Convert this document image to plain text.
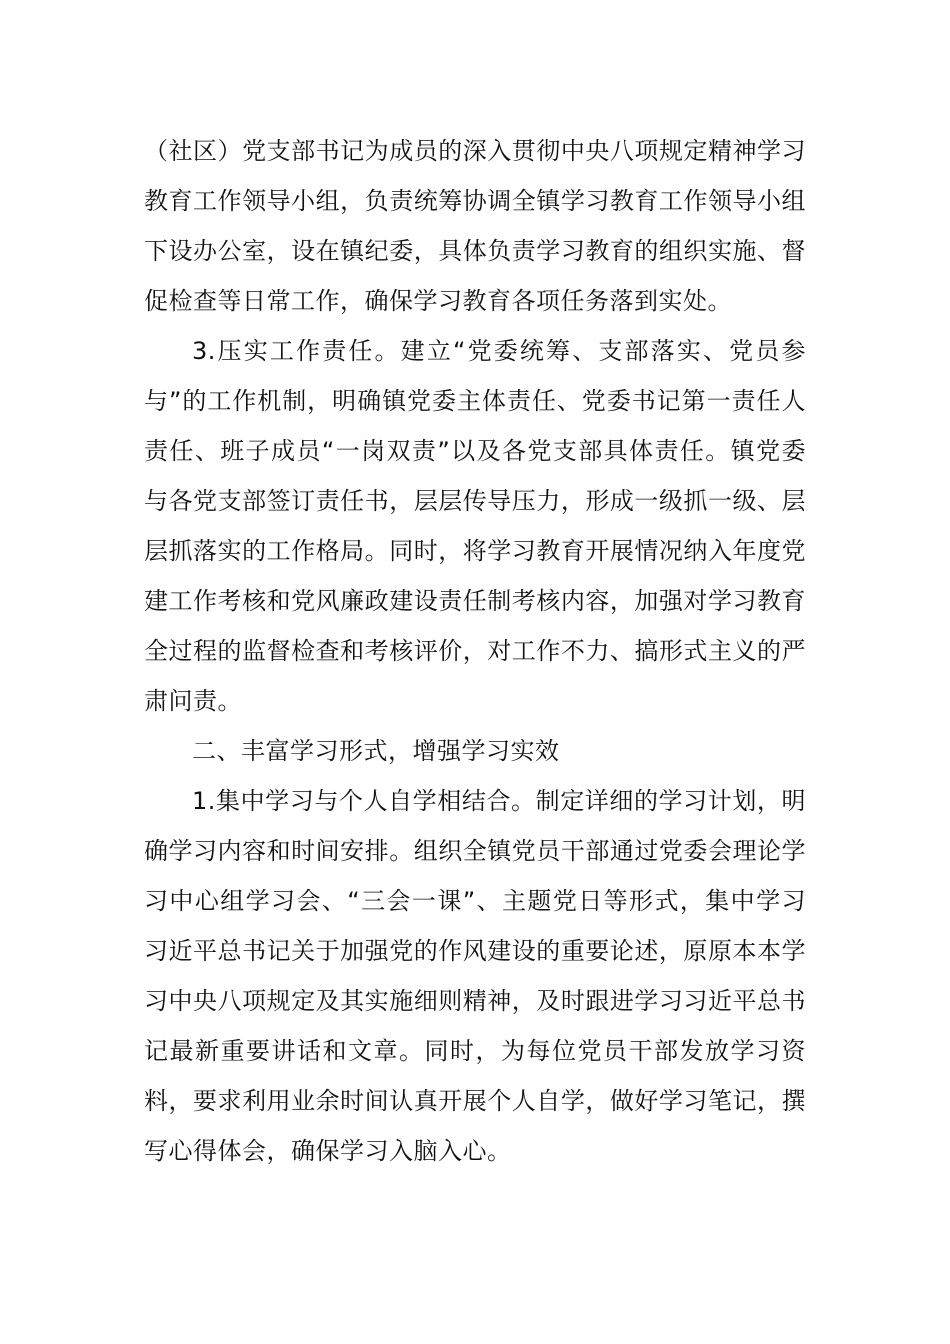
（社区）党支部书记为成员的深入贯彻中央八项规定精神学习教育工作领导小组，负责统筹协调全镇学习教育工作领导小组下设办公室，设在镇纪委，具体负责学习教育的组织实施、督促检查等日常工作，确保学习教育各项任务落到实处。

3.压实工作责任。建立“党委统筹、支部落实、党员参与”的工作机制，明确镇党委主体责任、党委书记第一责任人责任、班子成员“一岗双责”以及各党支部具体责任。镇党委与各党支部签订责任书，层层传导压力，形成一级抓一级、层层抓落实的工作格局。同时，将学习教育开展情况纳入年度党建工作考核和党风廉政建设责任制考核内容，加强对学习教育全过程的监督检查和考核评价，对工作不力、搞形式主义的严肃问责。

二、丰富学习形式，增强学习实效

1.集中学习与个人自学相结合。制定详细的学习计划，明确学习内容和时间安排。组织全镇党员干部通过党委会理论学习中心组学习会、“三会一课”、主题党日等形式，集中学习习近平总书记关于加强党的作风建设的重要论述，原原本本学习中央八项规定及其实施细则精神，及时跟进学习习近平总书记最新重要讲话和文章。同时，为每位党员干部发放学习资料，要求利用业余时间认真开展个人自学，做好学习笔记，撰写心得体会，确保学习入脑入心。
